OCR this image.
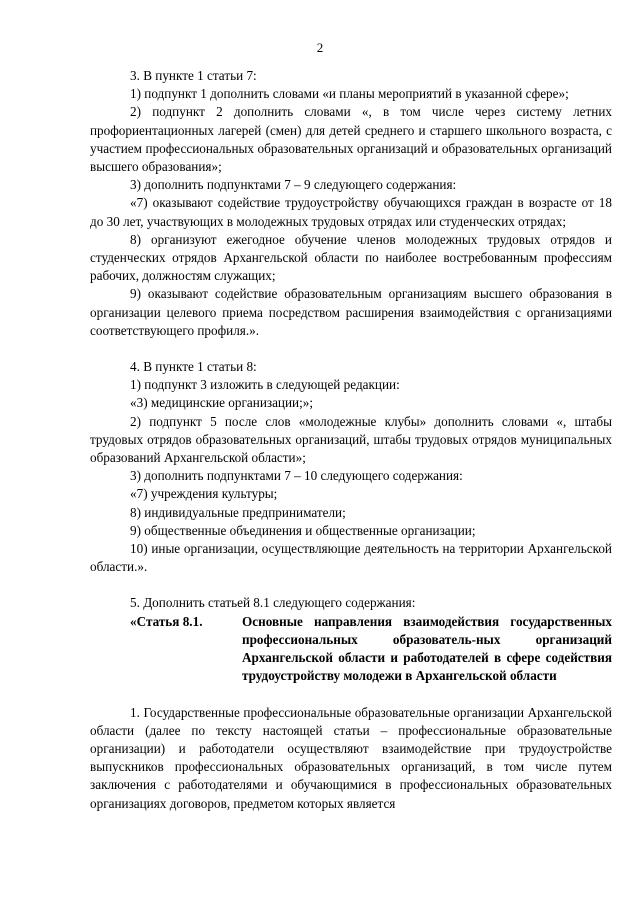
2

3. В пункте 1 статьи 7:

1) подпункт 1 дополнить словами «и планы мероприятий в указанной сфере»;

2) подпункт 2 дополнить словами «, в том числе через систему летних профориентационных лагерей (смен) для детей среднего и старшего школьного возраста, с участием профессиональных образовательных организаций и образовательных организаций высшего образования»;

3) дополнить подпунктами 7 – 9 следующего содержания:

«7) оказывают содействие трудоустройству обучающихся граждан в возрасте от 18 до 30 лет, участвующих в молодежных трудовых отрядах или студенческих отрядах;

8) организуют ежегодное обучение членов молодежных трудовых отрядов и студенческих отрядов Архангельской области по наиболее востребованным профессиям рабочих, должностям служащих;

9) оказывают содействие образовательным организациям высшего образования в организации целевого приема посредством расширения взаимодействия с организациями соответствующего профиля.».

4. В пункте 1 статьи 8:

1) подпункт 3 изложить в следующей редакции:

«3) медицинские организации;»;

2) подпункт 5 после слов «молодежные клубы» дополнить словами «, штабы трудовых отрядов образовательных организаций, штабы трудовых отрядов муниципальных образований Архангельской области»;

3) дополнить подпунктами 7 – 10 следующего содержания:

«7) учреждения культуры;

8) индивидуальные предприниматели;

9) общественные объединения и общественные организации;

10) иные организации, осуществляющие деятельность на территории Архангельской области.».

5. Дополнить статьей 8.1 следующего содержания:

«Статья 8.1.	Основные направления взаимодействия государственных профессиональных образователь-ных организаций Архангельской области и работодателей в сфере содействия трудоустройству молодежи в Архангельской области

1. Государственные профессиональные образовательные организации Архангельской области (далее по тексту настоящей статьи – профессиональные образовательные организации) и работодатели осуществляют взаимодействие при трудоустройстве выпускников профессиональных образовательных организаций, в том числе путем заключения с работодателями и обучающимися в профессиональных образовательных организациях договоров, предметом которых является
